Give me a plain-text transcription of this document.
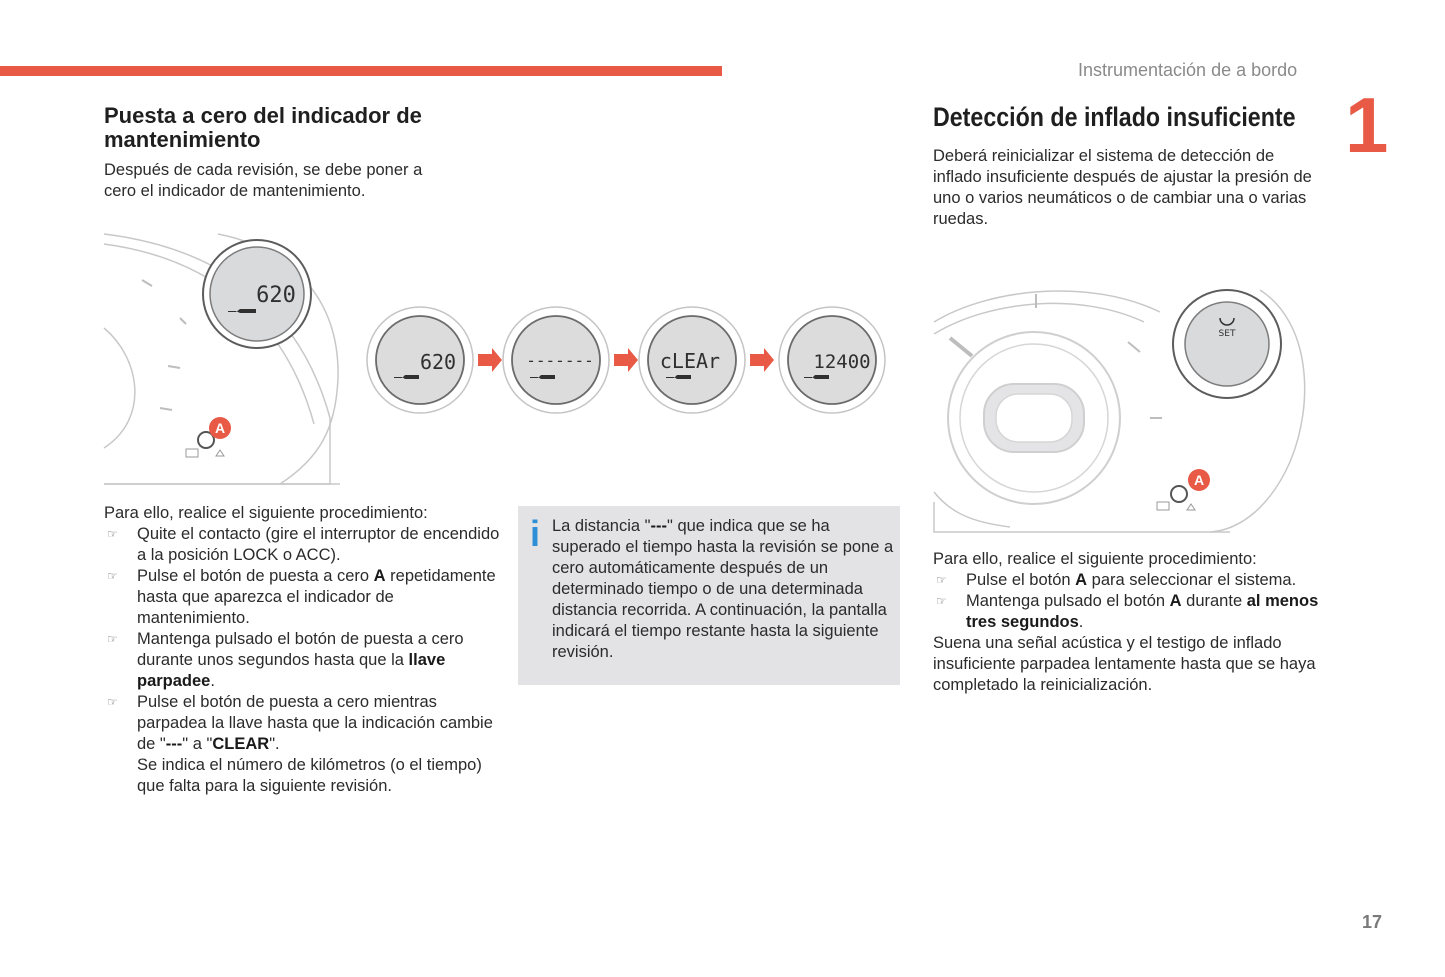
Instrumentación de a bordo
1
17
Puesta a cero del indicador de
mantenimiento
Después de cada revisión, se debe poner a
cero el indicador de mantenimiento.
620
A
620	-------	cLEAr	12400
Para ello, realice el siguiente procedimiento:
☞ Quite el contacto (gire el interruptor de encendido a la posición LOCK o ACC).
☞ Pulse el botón de puesta a cero A repetidamente hasta que aparezca el indicador de mantenimiento.
☞ Mantenga pulsado el botón de puesta a cero durante unos segundos hasta que la llave parpadee.
☞ Pulse el botón de puesta a cero mientras parpadea la llave hasta que la indicación cambie de "---" a "CLEAR".
Se indica el número de kilómetros (o el tiempo) que falta para la siguiente revisión.
i La distancia "---" que indica que se ha superado el tiempo hasta la revisión se pone a cero automáticamente después de un determinado tiempo o de una determinada distancia recorrida. A continuación, la pantalla indicará el tiempo restante hasta la siguiente revisión.
Detección de inflado insuficiente
Deberá reinicializar el sistema de detección de inflado insuficiente después de ajustar la presión de uno o varios neumáticos o de cambiar una o varias ruedas.
SET
A
Para ello, realice el siguiente procedimiento:
☞ Pulse el botón A para seleccionar el sistema.
☞ Mantenga pulsado el botón A durante al menos tres segundos.
Suena una señal acústica y el testigo de inflado insuficiente parpadea lentamente hasta que se haya completado la reinicialización.
